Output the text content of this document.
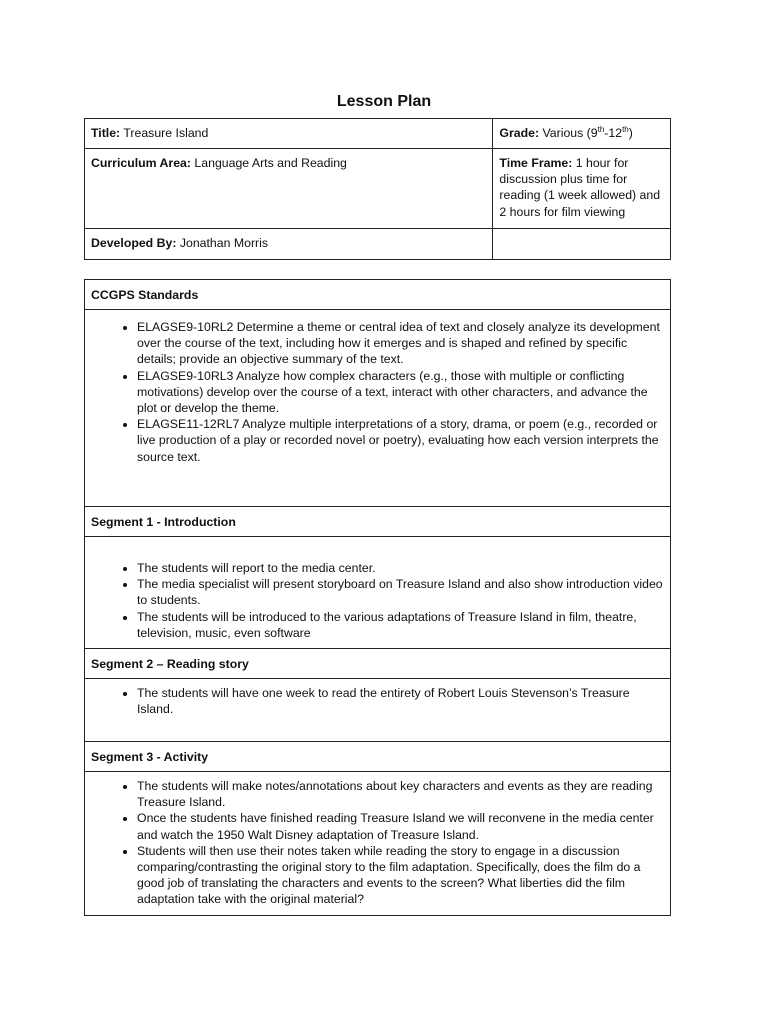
Lesson Plan
Title: Treasure Island	Grade: Various (9th-12th)
Curriculum Area: Language Arts and Reading	Time Frame: 1 hour for discussion plus time for reading (1 week allowed) and 2 hours for film viewing
Developed By: Jonathan Morris	
CCGPS Standards

• ELAGSE9-10RL2 Determine a theme or central idea of text and closely analyze its development over the course of the text, including how it emerges and is shaped and refined by specific details; provide an objective summary of the text.
• ELAGSE9-10RL3 Analyze how complex characters (e.g., those with multiple or conflicting motivations) develop over the course of a text, interact with other characters, and advance the plot or develop the theme.
• ELAGSE11-12RL7 Analyze multiple interpretations of a story, drama, or poem (e.g., recorded or live production of a play or recorded novel or poetry), evaluating how each version interprets the source text.

Segment 1 - Introduction

• The students will report to the media center.
• The media specialist will present storyboard on Treasure Island and also show introduction video to students.
• The students will be introduced to the various adaptations of Treasure Island in film, theatre, television, music, even software

Segment 2 – Reading story

• The students will have one week to read the entirety of Robert Louis Stevenson’s Treasure Island.

Segment 3 - Activity

• The students will make notes/annotations about key characters and events as they are reading Treasure Island.
• Once the students have finished reading Treasure Island we will reconvene in the media center and watch the 1950 Walt Disney adaptation of Treasure Island.
• Students will then use their notes taken while reading the story to engage in a discussion comparing/contrasting the original story to the film adaptation. Specifically, does the film do a good job of translating the characters and events to the screen? What liberties did the film adaptation take with the original material?
